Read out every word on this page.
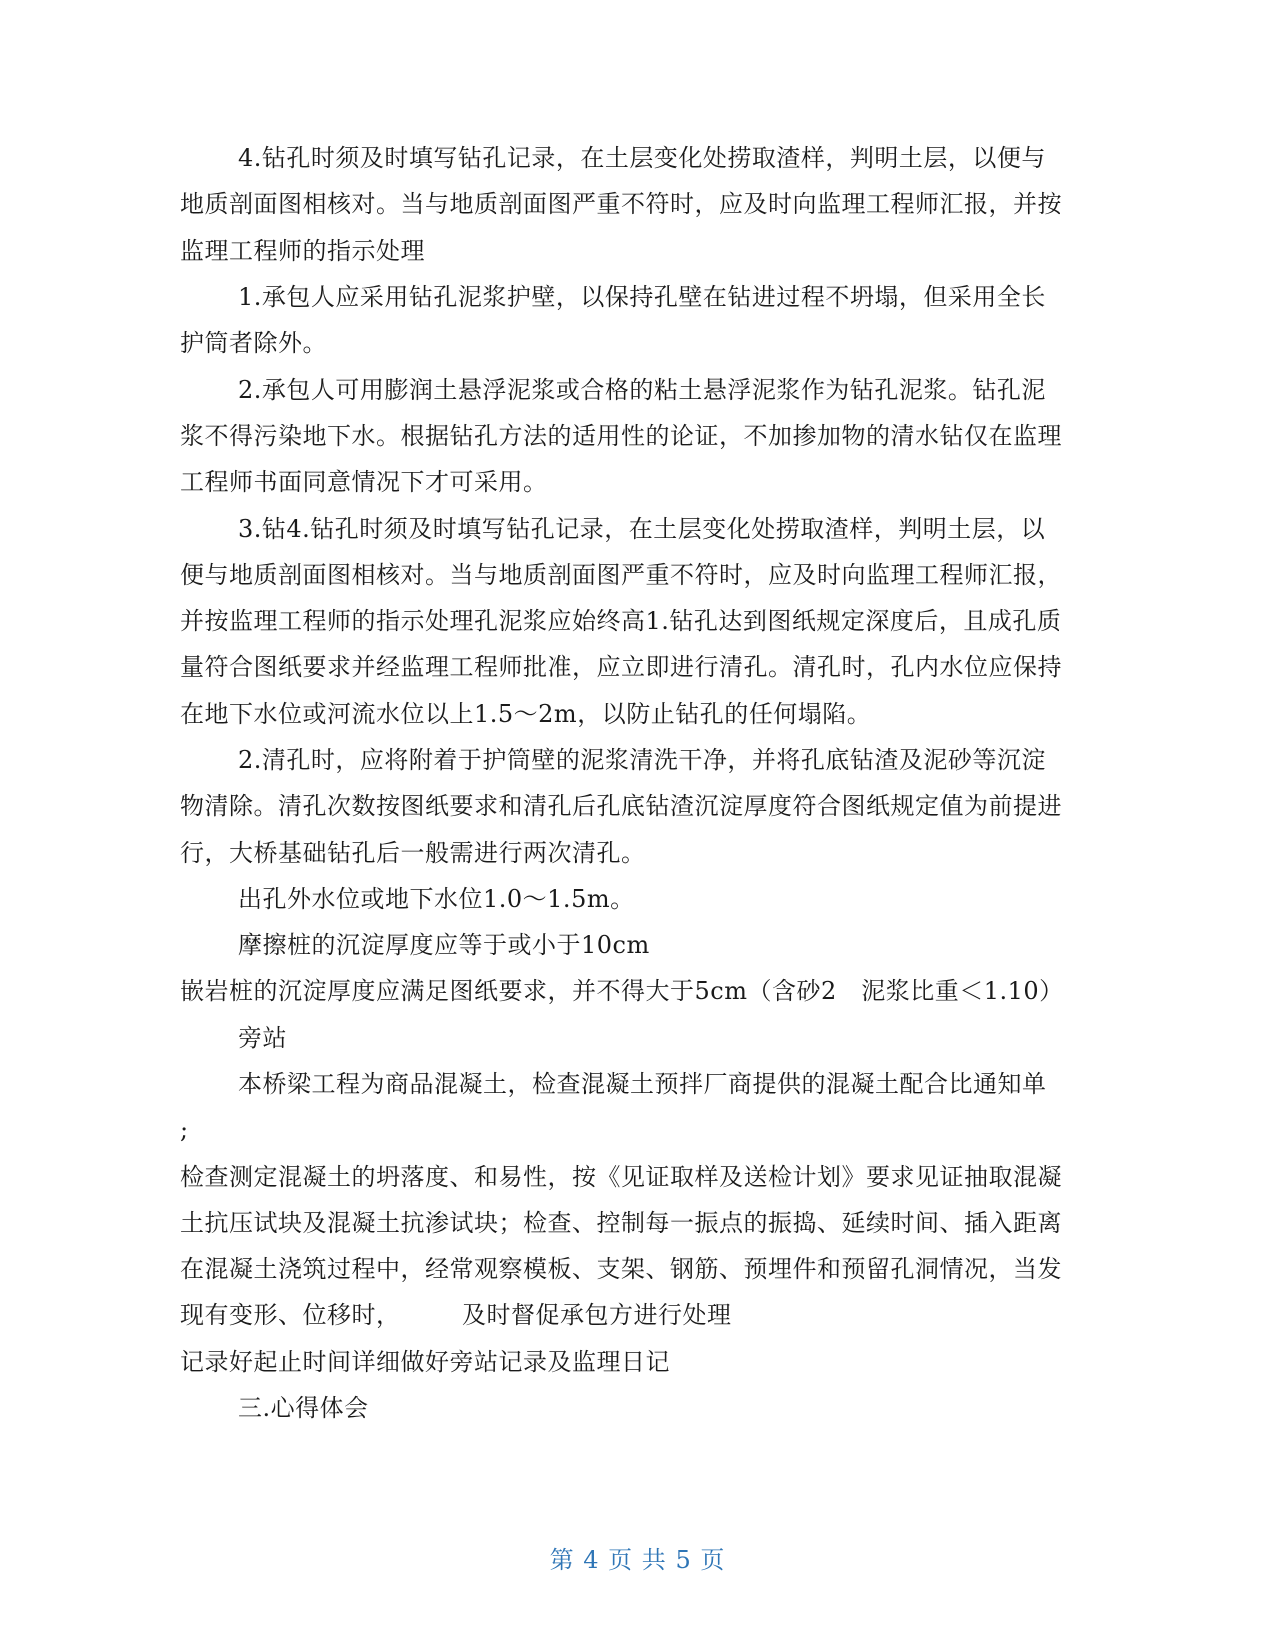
4.钻孔时须及时填写钻孔记录，在土层变化处捞取渣样，判明土层，以便与
地质剖面图相核对。当与地质剖面图严重不符时，应及时向监理工程师汇报，并按
监理工程师的指示处理
1.承包人应采用钻孔泥浆护壁，以保持孔壁在钻进过程不坍塌，但采用全长
护筒者除外。
2.承包人可用膨润土悬浮泥浆或合格的粘土悬浮泥浆作为钻孔泥浆。钻孔泥
浆不得污染地下水。根据钻孔方法的适用性的论证，不加掺加物的清水钻仅在监理
工程师书面同意情况下才可采用。
3.钻4.钻孔时须及时填写钻孔记录，在土层变化处捞取渣样，判明土层，以
便与地质剖面图相核对。当与地质剖面图严重不符时，应及时向监理工程师汇报，
并按监理工程师的指示处理孔泥浆应始终高1.钻孔达到图纸规定深度后，且成孔质
量符合图纸要求并经监理工程师批准，应立即进行清孔。清孔时，孔内水位应保持
在地下水位或河流水位以上1.5～2m，以防止钻孔的任何塌陷。
2.清孔时，应将附着于护筒壁的泥浆清洗干净，并将孔底钻渣及泥砂等沉淀
物清除。清孔次数按图纸要求和清孔后孔底钻渣沉淀厚度符合图纸规定值为前提进
行，大桥基础钻孔后一般需进行两次清孔。
出孔外水位或地下水位1.0～1.5m。
摩擦桩的沉淀厚度应等于或小于10cm
嵌岩桩的沉淀厚度应满足图纸要求，并不得大于5cm（含砂2　泥浆比重＜1.10）
旁站
本桥梁工程为商品混凝土，检查混凝土预拌厂商提供的混凝土配合比通知单
;
检查测定混凝土的坍落度、和易性，按《见证取样及送检计划》要求见证抽取混凝
土抗压试块及混凝土抗渗试块；检查、控制每一振点的振捣、延续时间、插入距离
在混凝土浇筑过程中，经常观察模板、支架、钢筋、预埋件和预留孔洞情况，当发
现有变形、位移时，　　　及时督促承包方进行处理
记录好起止时间详细做好旁站记录及监理日记
三.心得体会
第 4 页 共 5 页
